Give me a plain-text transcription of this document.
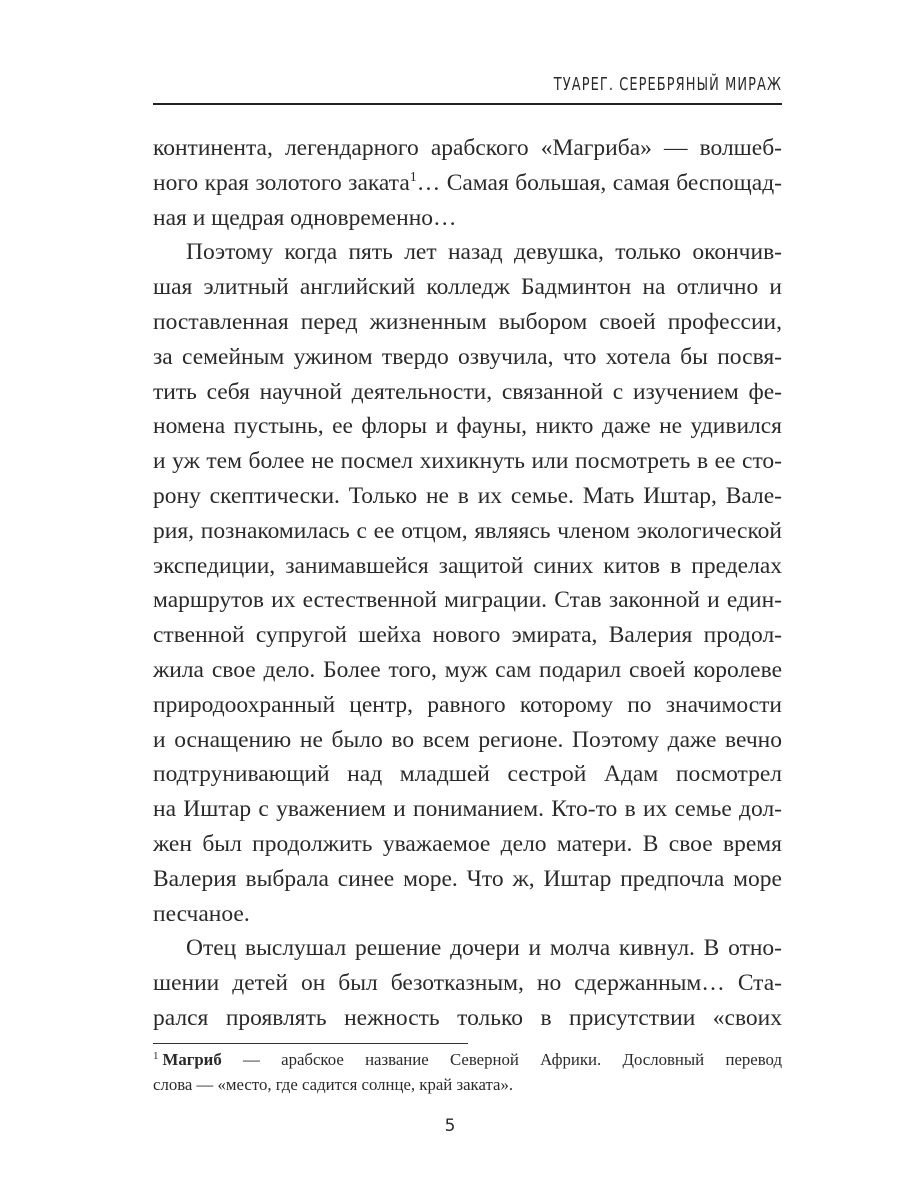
ТУАРЕГ. СЕРЕБРЯНЫЙ МИРАЖ
континента, легендарного арабского «Магриба» — волшеб-
ного края золотого заката$^1$… Самая большая, самая беспощад-
ная и щедрая одновременно…
Поэтому когда пять лет назад девушка, только окончив-
шая элитный английский колледж Бадминтон на отлично и
поставленная перед жизненным выбором своей профессии,
за семейным ужином твердо озвучила, что хотела бы посвя-
тить себя научной деятельности, связанной с изучением фе-
номена пустынь, ее флоры и фауны, никто даже не удивился
и уж тем более не посмел хихикнуть или посмотреть в ее сто-
рону скептически. Только не в их семье. Мать Иштар, Вале-
рия, познакомилась с ее отцом, являясь членом экологической
экспедиции, занимавшейся защитой синих китов в пределах
маршрутов их естественной миграции. Став законной и един-
ственной супругой шейха нового эмирата, Валерия продол-
жила свое дело. Более того, муж сам подарил своей королеве
природоохранный центр, равного которому по значимости
и оснащению не было во всем регионе. Поэтому даже вечно
подтрунивающий над младшей сестрой Адам посмотрел
на Иштар с уважением и пониманием. Кто-то в их семье дол-
жен был продолжить уважаемое дело матери. В свое время
Валерия выбрала синее море. Что ж, Иштар предпочла море
песчаное.
Отец выслушал решение дочери и молча кивнул. В отно-
шении детей он был безотказным, но сдержанным… Ста-
рался проявлять нежность только в присутствии «своих
$^1$ Магриб — арабское название Северной Африки. Дословный перевод
слова — «место, где садится солнце, край заката».
5
